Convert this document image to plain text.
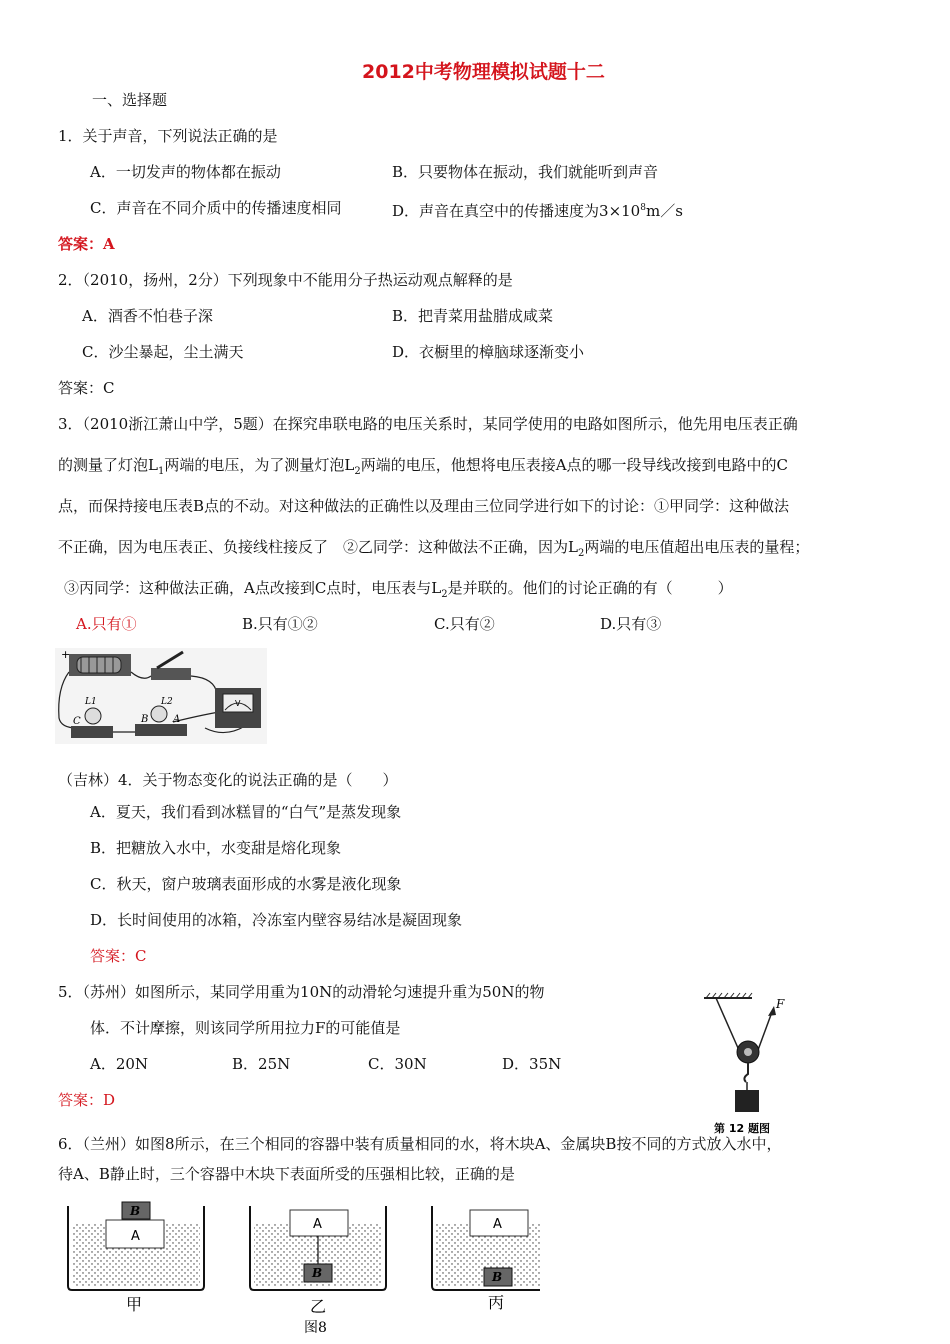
2012中考物理模拟试题十二
一、选择题
1．关于声音，下列说法正确的是
A．一切发声的物体都在振动	B．只要物体在振动，我们就能听到声音
C．声音在不同介质中的传播速度相同	D．声音在真空中的传播速度为$3\times 10^8m/s$
答案：A
2．（2010，扬州，2分）下列现象中不能用分子热运动观点解释的是
A．酒香不怕巷子深	B．把青菜用盐腊成咸菜
C．沙尘暴起，尘土满天	D．衣橱里的樟脑球逐渐变小
答案：C
3．（2010浙江萧山中学，5题）在探究串联电路的电压关系时，某同学使用的电路如图所示，他先用电压表正确
的测量了灯泡$L_1$两端的电压，为了测量灯泡$L_2$两端的电压，他想将电压表接A点的哪一段导线改接到电路中的C
点，而保持接电压表B点的不动。对这种做法的正确性以及理由三位同学进行如下的讨论：①甲同学：这种做法
不正确，因为电压表正、负接线柱接反了　②乙同学：这种做法不正确，因为$L_2$两端的电压值超出电压表的量程；
③丙同学：这种做法正确，A点改接到C点时，电压表与$L_2$是并联的。他们的讨论正确的有（　　　）
A.只有①	B.只有①②	C.只有②	D.只有③
+
V
L1	L2
C	B A
（吉林）4．关于物态变化的说法正确的是（　　）
A．夏天，我们看到冰糕冒的“白气”是蒸发现象
B．把糖放入水中，水变甜是熔化现象
C．秋天，窗户玻璃表面形成的水雾是液化现象
D．长时间使用的冰箱，冷冻室内壁容易结冰是凝固现象
答案：C
5．（苏州）如图所示，某同学用重为10N的动滑轮匀速提升重为50N的物
体．不计摩擦，则该同学所用拉力F的可能值是
A．20N	B．25N	C．30N	D．35N
答案：D
F
第 12 题图
6．（兰州）如图8所示，在三个相同的容器中装有质量相同的水，将木块A、金属块B按不同的方式放入水中，
待A、B静止时，三个容器中木块下表面所受的压强相比较，正确的是
A
B
A
B
A
B
甲	乙	丙
图8
